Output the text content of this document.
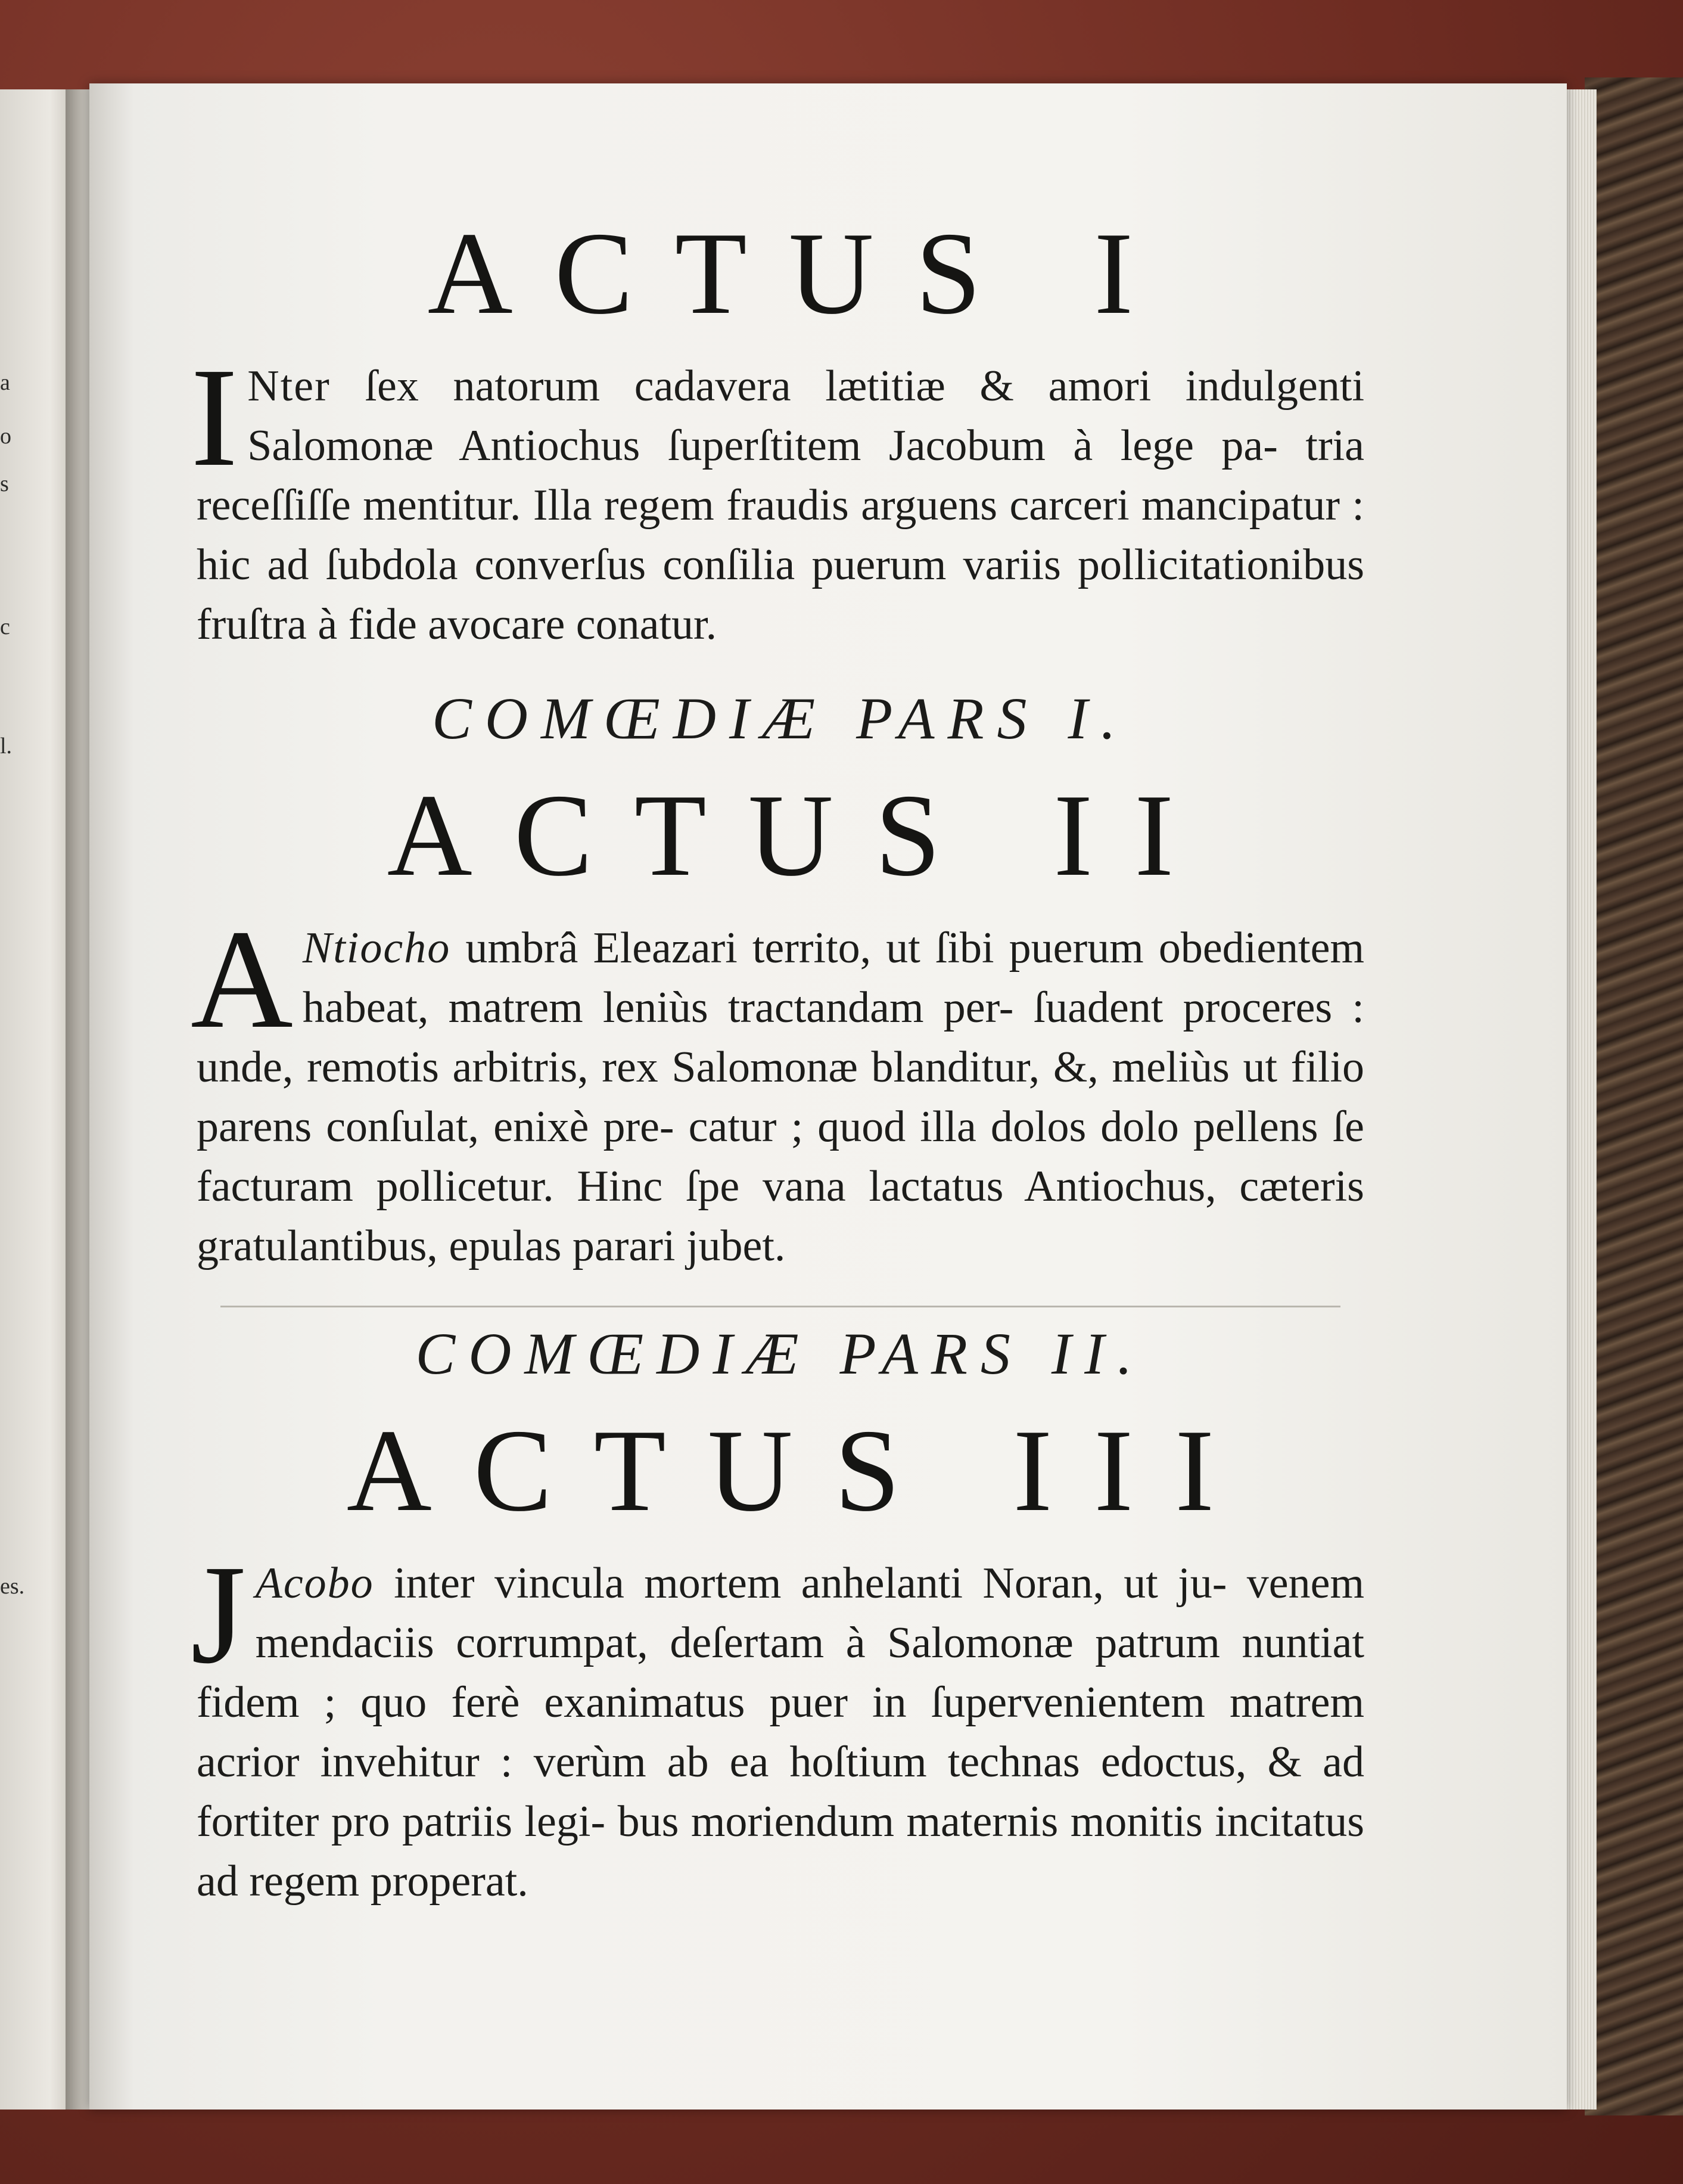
a
o
s
c
l.
es.
ACTUS I

I Nter ſex natorum cadavera lætitiæ & amori indulgenti Salomonæ Antiochus ſuperſtitem Jacobum à lege pa- tria receſſiſſe mentitur. Illa regem fraudis arguens carceri mancipatur : hic ad ſubdola converſus conſilia puerum variis pollicitationibus fruſtra à fide avocare conatur.

COMŒDIÆ PARS I.
ACTUS II

A Ntiocho umbrâ Eleazari territo, ut ſibi puerum obedientem habeat, matrem leniùs tractandam per- ſuadent proceres : unde, remotis arbitris, rex Salomonæ blanditur, &, meliùs ut filio parens conſulat, enixè pre- catur ; quod illa dolos dolo pellens ſe facturam pollicetur. Hinc ſpe vana lactatus Antiochus, cæteris gratulantibus, epulas parari jubet.

COMŒDIÆ PARS II.
ACTUS III

J Acobo inter vincula mortem anhelanti Noran, ut ju- venem mendaciis corrumpat, deſertam à Salomonæ patrum nuntiat fidem ; quo ferè exanimatus puer in ſupervenientem matrem acrior invehitur : verùm ab ea hoſtium technas edoctus, & ad fortiter pro patriis legi- bus moriendum maternis monitis incitatus ad regem properat.
